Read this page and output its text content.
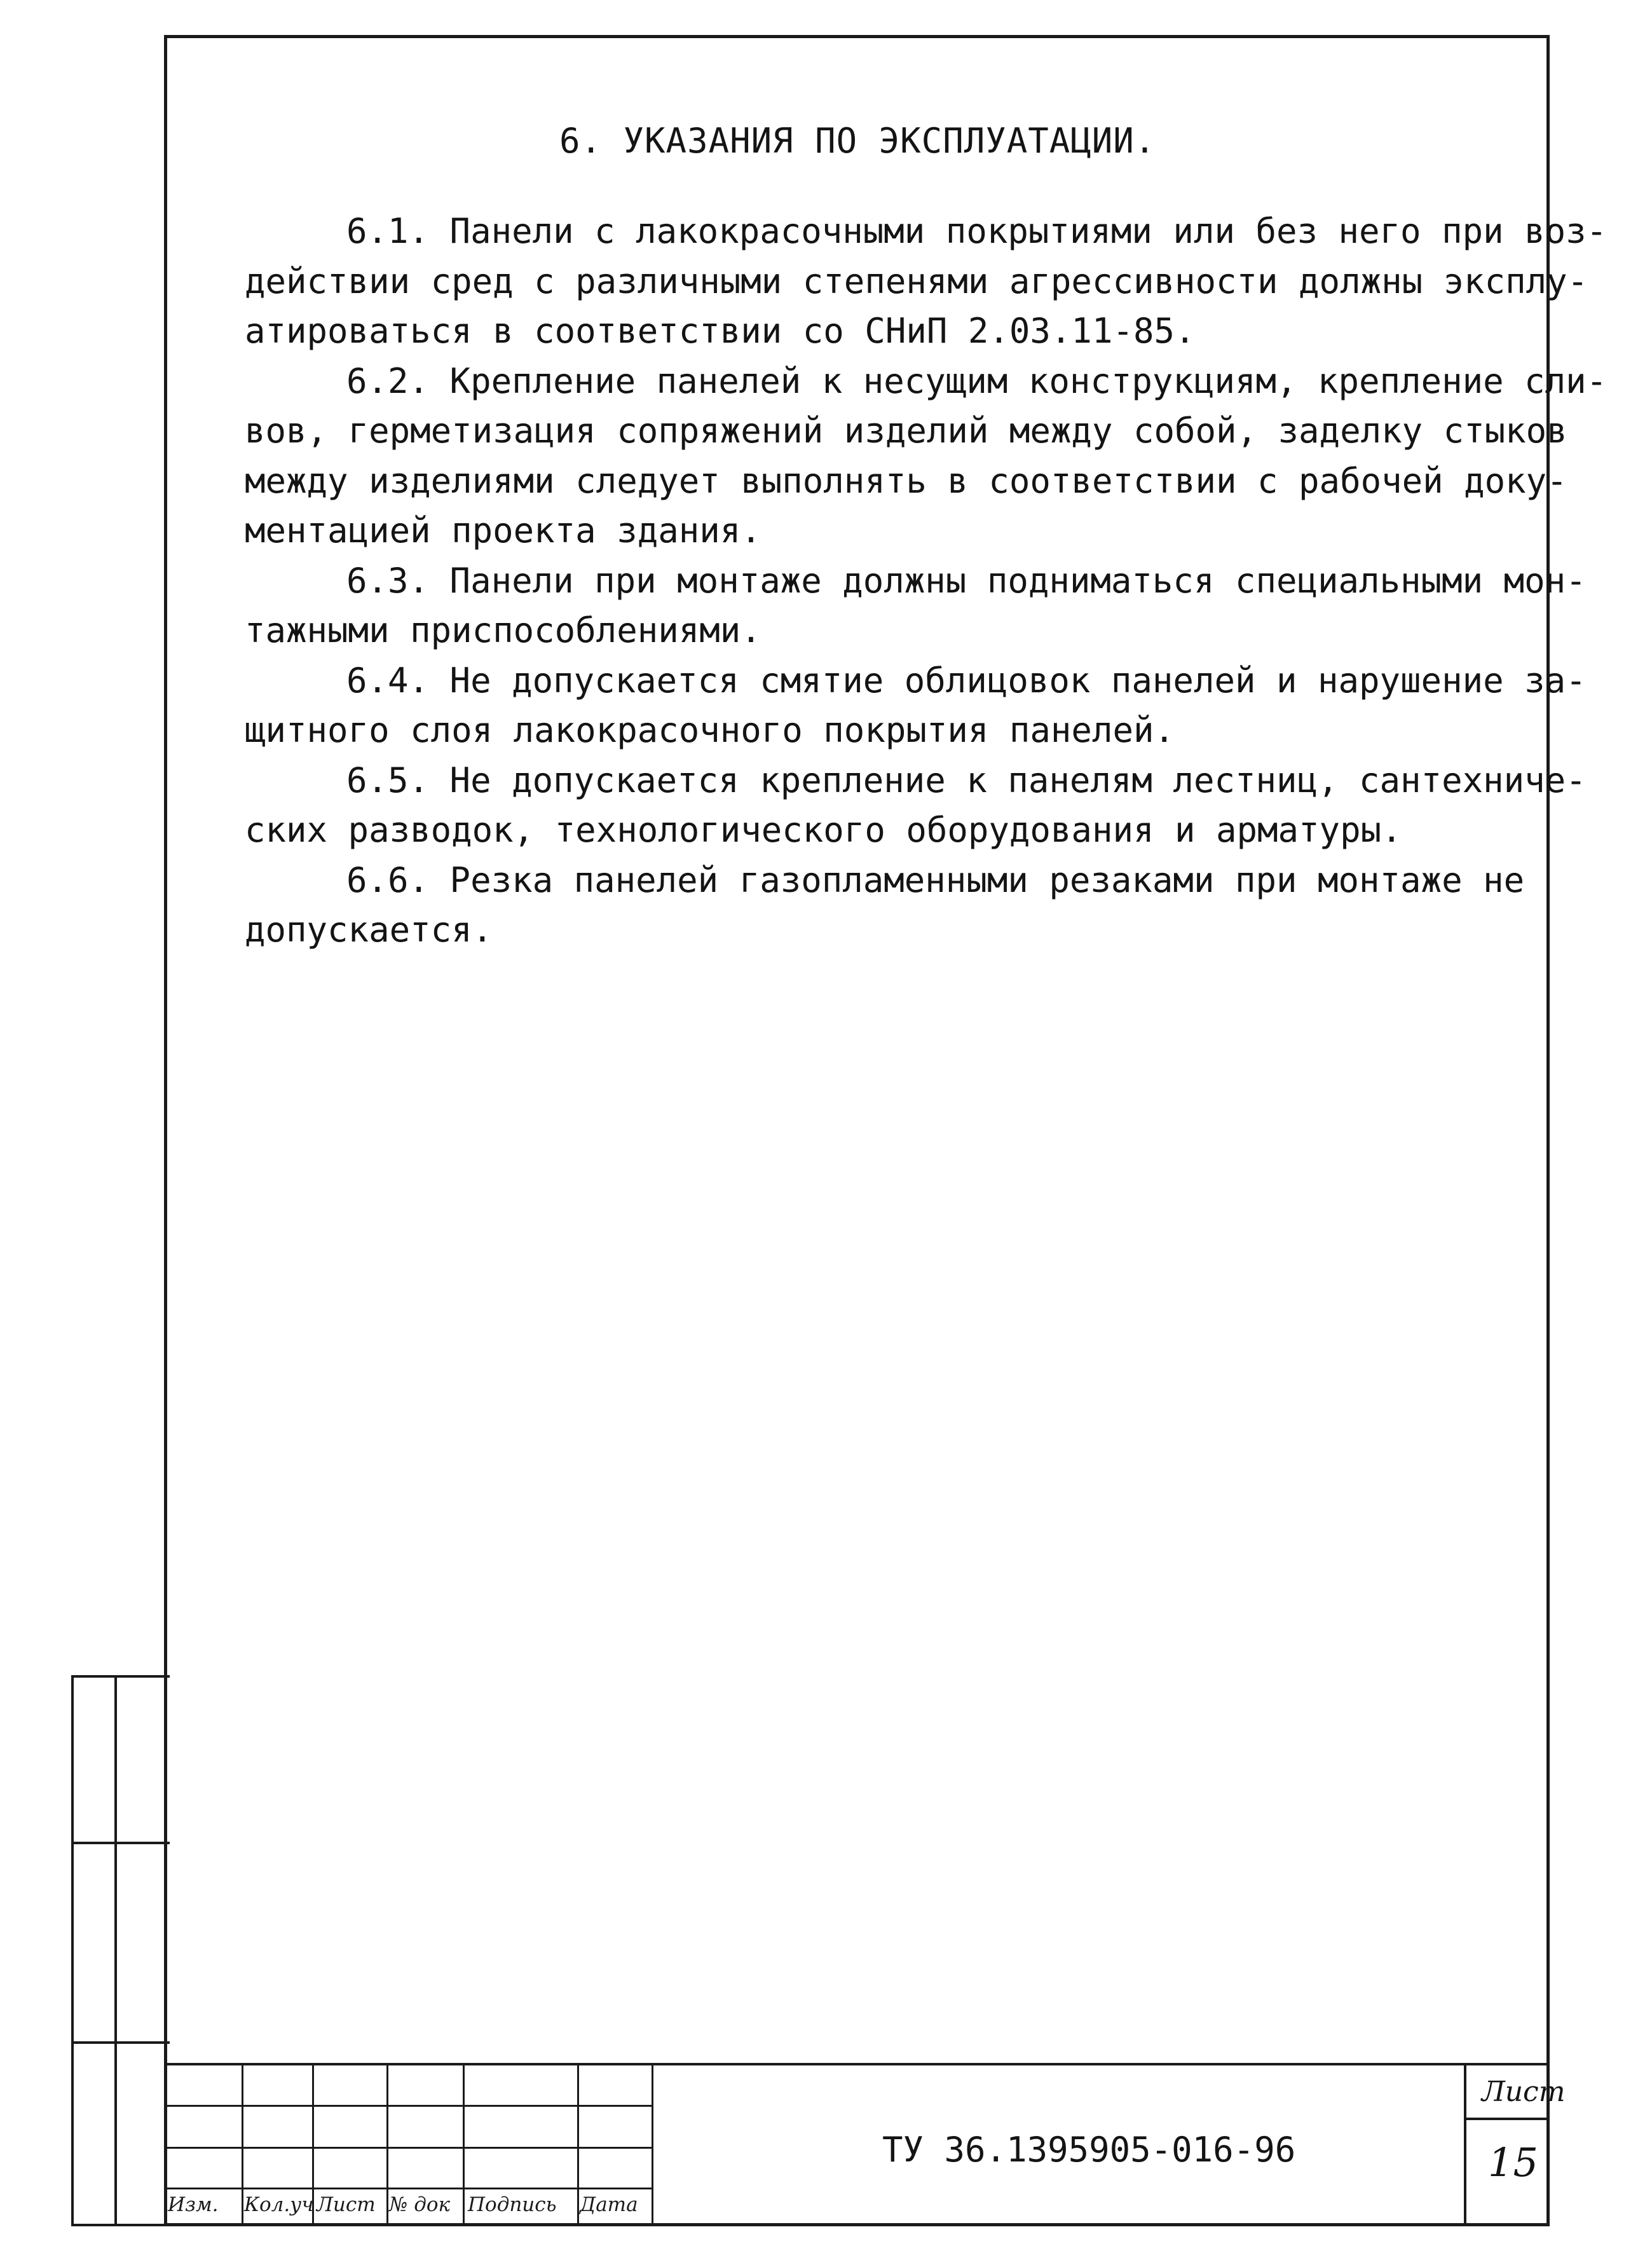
6. УКАЗАНИЯ ПО ЭКСПЛУАТАЦИИ.
6.1. Панели с лакокрасочными покрытиями или без него при воз-
действии сред с различными степенями агрессивности должны эксплу-
атироваться в соответствии со СНиП 2.03.11-85.
6.2. Крепление панелей к несущим конструкциям, крепление сли-
вов, герметизация сопряжений изделий между собой, заделку стыков
между изделиями следует выполнять в соответствии с рабочей доку-
ментацией проекта здания.
6.3. Панели при монтаже должны подниматься специальными мон-
тажными приспособлениями.
6.4. Не допускается смятие облицовок панелей и нарушение за-
щитного слоя лакокрасочного покрытия панелей.
6.5. Не допускается крепление к панелям лестниц, сантехниче-
ских разводок, технологического оборудования и арматуры.
6.6. Резка панелей газопламенными резаками при монтаже не
допускается.
Изм. Кол.уч Лист № док Подпись Дата
ТУ 36.1395905-016-96
Лист
15
